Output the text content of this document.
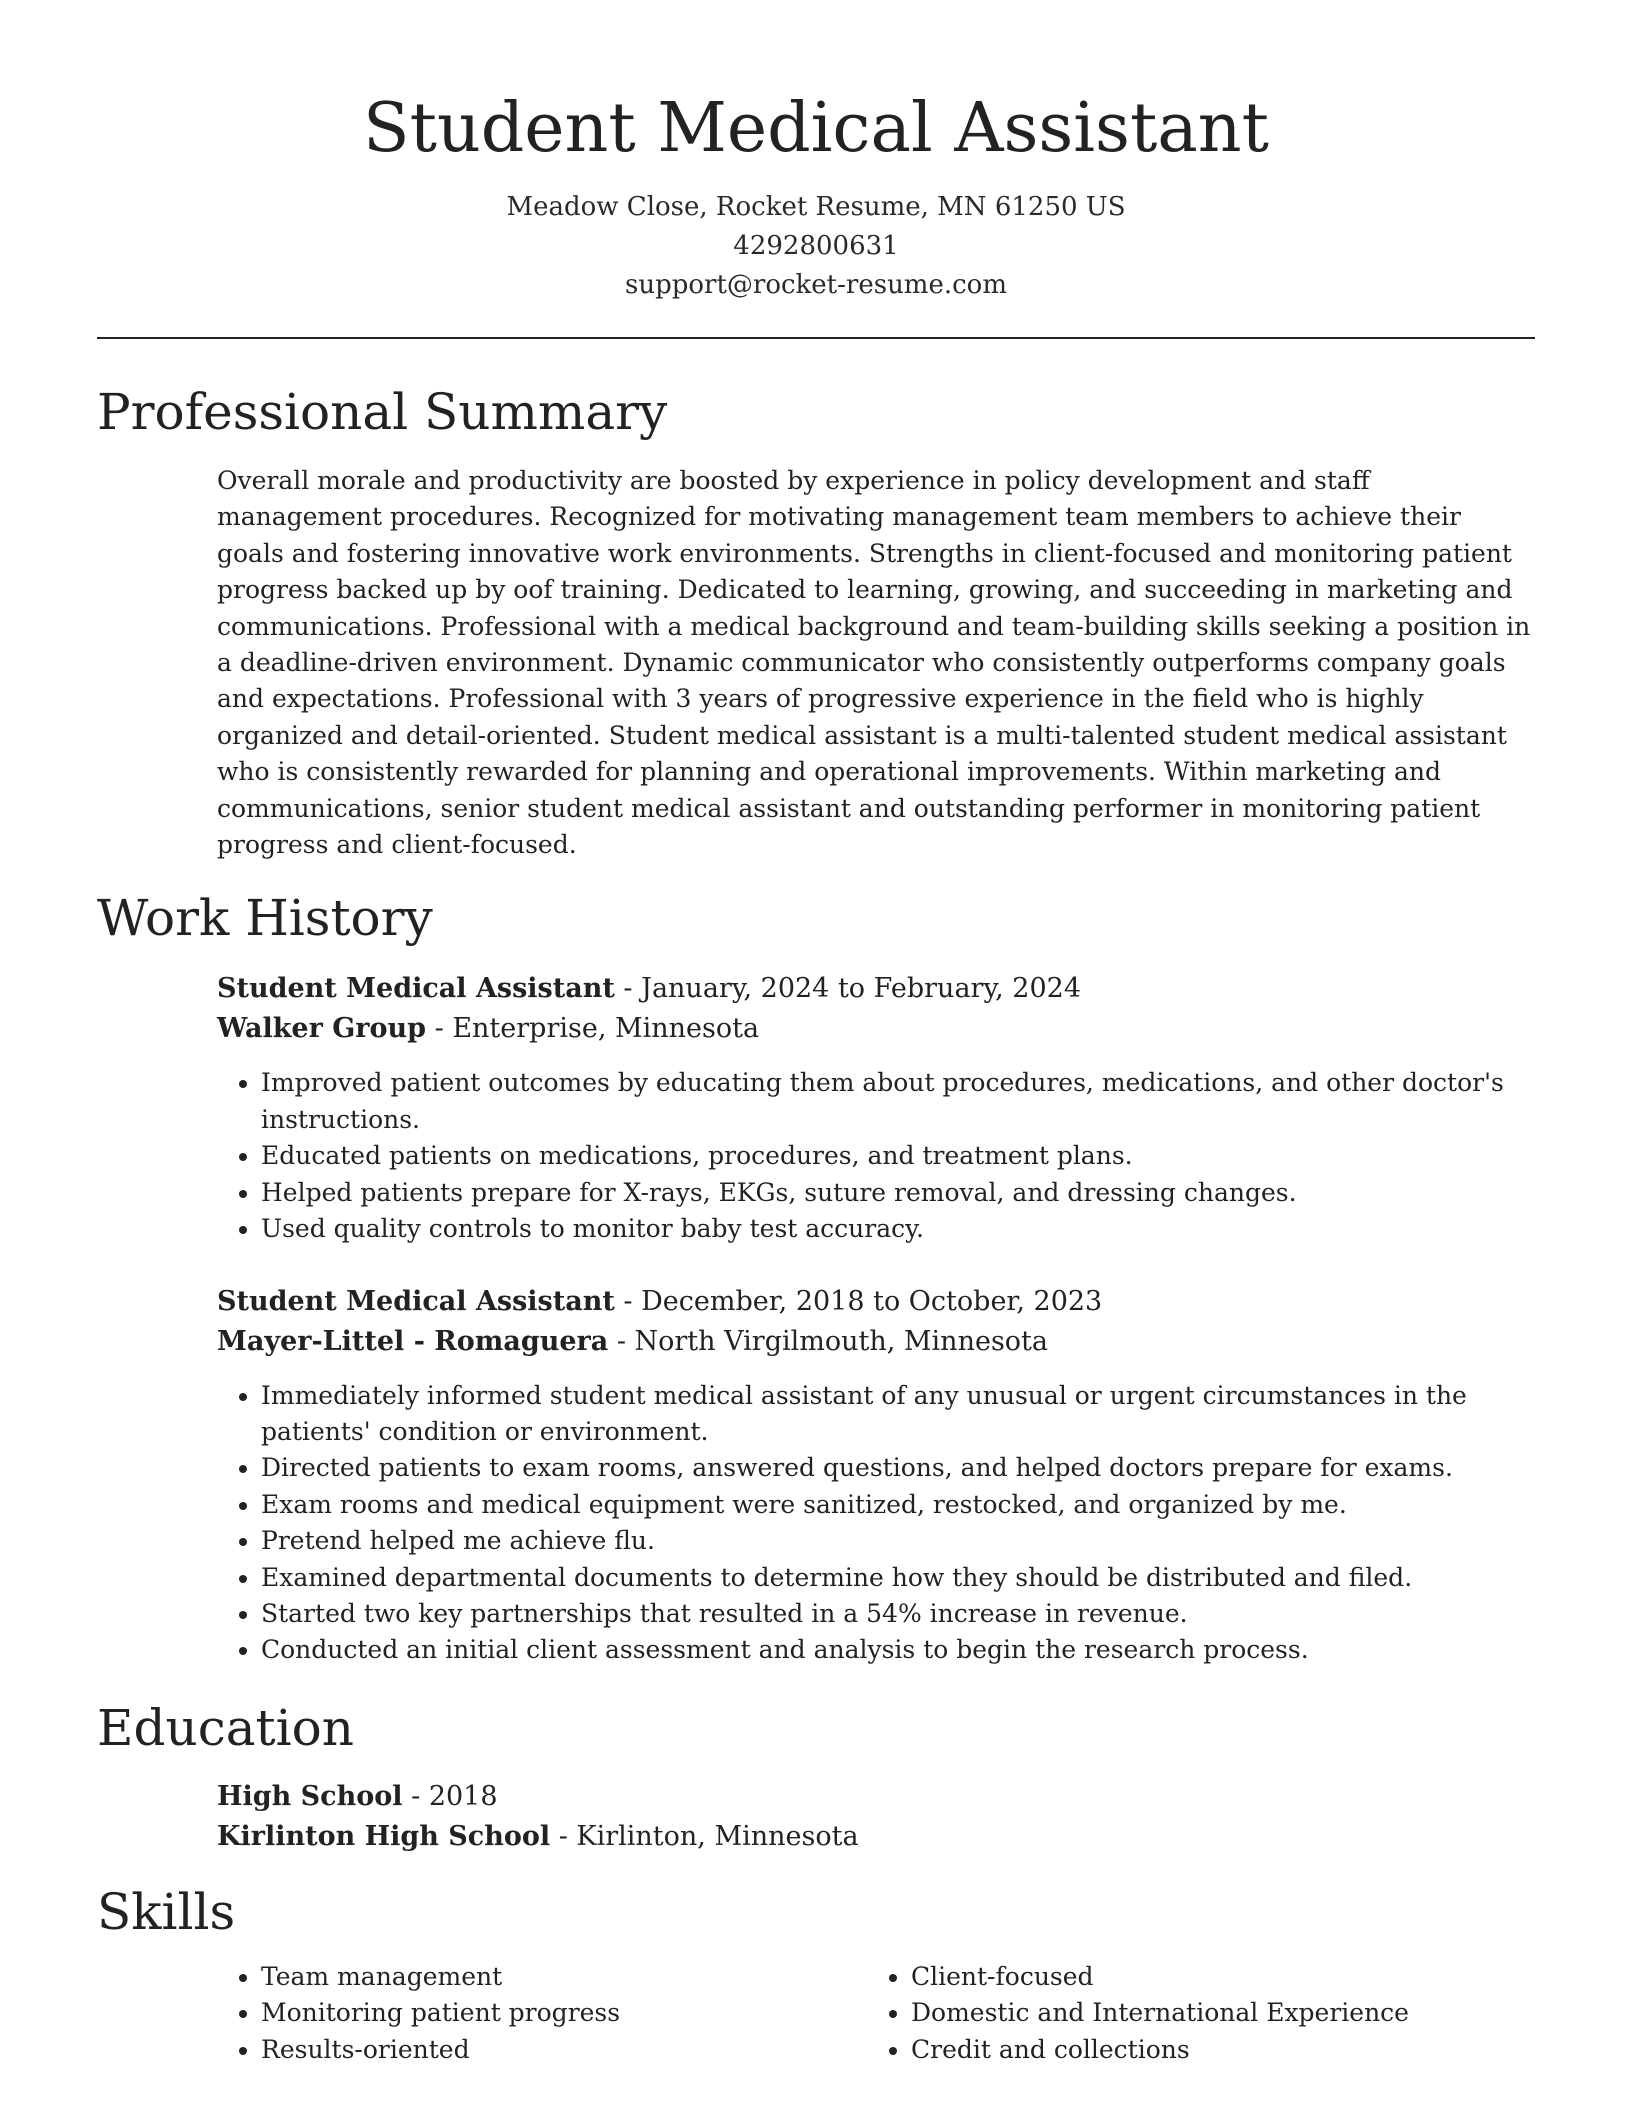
Student Medical Assistant
Meadow Close, Rocket Resume, MN 61250 US
4292800631
support@rocket-resume.com
Professional Summary

Overall morale and productivity are boosted by experience in policy development and staff management procedures. Recognized for motivating management team members to achieve their goals and fostering innovative work environments. Strengths in client-focused and monitoring patient progress backed up by oof training. Dedicated to learning, growing, and succeeding in marketing and communications. Professional with a medical background and team-building skills seeking a position in a deadline-driven environment. Dynamic communicator who consistently outperforms company goals and expectations. Professional with 3 years of progressive experience in the field who is highly organized and detail-oriented. Student medical assistant is a multi-talented student medical assistant who is consistently rewarded for planning and operational improvements. Within marketing and communications, senior student medical assistant and outstanding performer in monitoring patient progress and client-focused.

Work History
Student Medical Assistant - January, 2024 to February, 2024
Walker Group - Enterprise, Minnesota
• Improved patient outcomes by educating them about procedures, medications, and other doctor's instructions.
• Educated patients on medications, procedures, and treatment plans.
• Helped patients prepare for X-rays, EKGs, suture removal, and dressing changes.
• Used quality controls to monitor baby test accuracy.
Student Medical Assistant - December, 2018 to October, 2023
Mayer-Littel - Romaguera - North Virgilmouth, Minnesota
• Immediately informed student medical assistant of any unusual or urgent circumstances in the patients' condition or environment.
• Directed patients to exam rooms, answered questions, and helped doctors prepare for exams.
• Exam rooms and medical equipment were sanitized, restocked, and organized by me.
• Pretend helped me achieve flu.
• Examined departmental documents to determine how they should be distributed and filed.
• Started two key partnerships that resulted in a 54% increase in revenue.
• Conducted an initial client assessment and analysis to begin the research process.
Education
High School - 2018
Kirlinton High School - Kirlinton, Minnesota
Skills
• Team management
• Monitoring patient progress
• Results-oriented
• Client-focused
• Domestic and International Experience
• Credit and collections
